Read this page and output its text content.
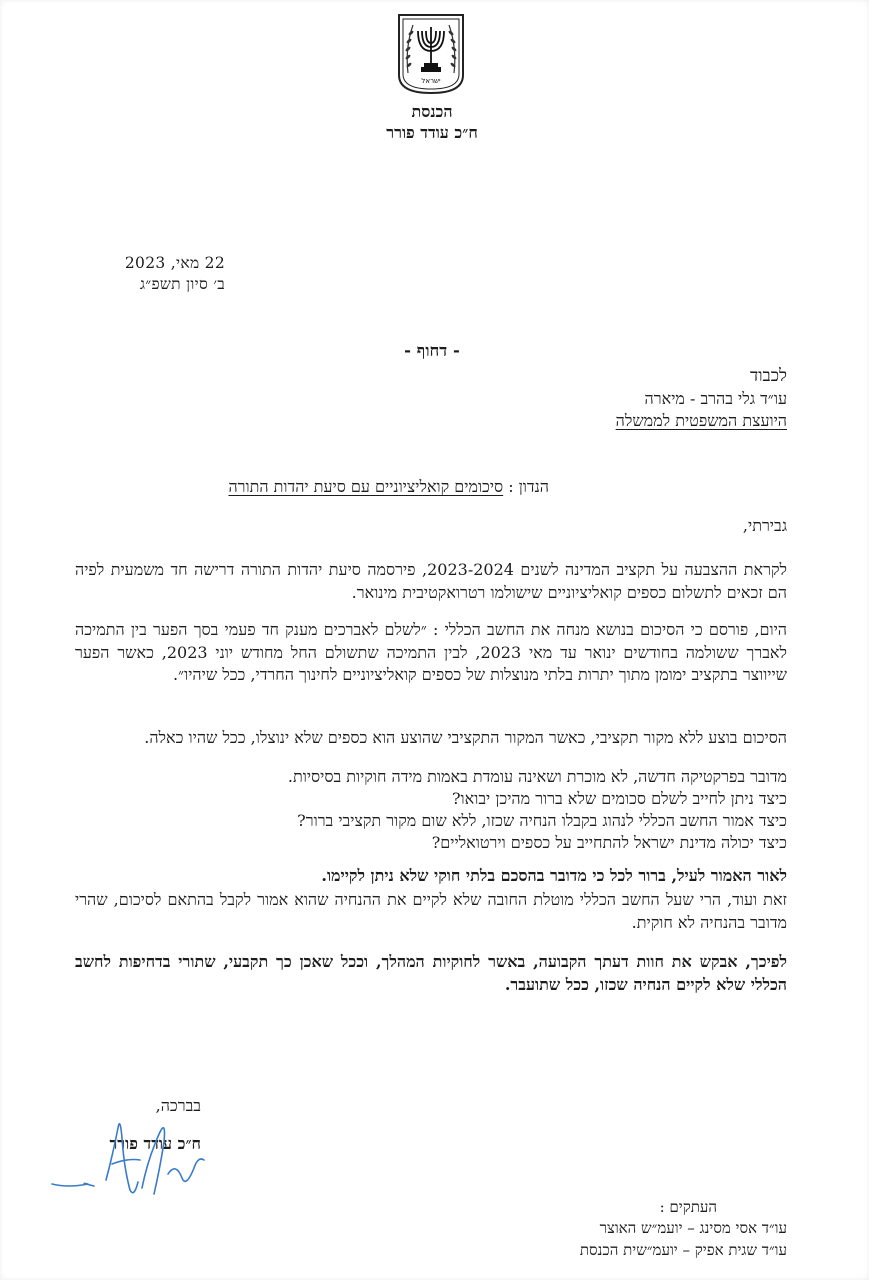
ישראל
הכנסת
ח״כ עודד פורר
22 מאי, 2023
ב׳ סיון תשפ״ג
- דחוף -
לכבוד
עו״ד גלי בהרב - מיארה
היועצת המשפטית לממשלה
הנדון : סיכומים קואליציוניים עם סיעת יהדות התורה
גבירתי,
לקראת ההצבעה על תקציב המדינה לשנים 2023-2024, פירסמה סיעת יהדות התורה דרישה חד משמעית לפיה הם זכאים לתשלום כספים קואליציוניים שישולמו רטרואקטיבית מינואר.
היום, פורסם כי הסיכום בנושא מנחה את החשב הכללי : ״לשלם לאברכים מענק חד פעמי בסך הפער בין התמיכה לאברך ששולמה בחודשים ינואר עד מאי 2023, לבין התמיכה שתשולם החל מחודש יוני 2023, כאשר הפער שייווצר בתקציב ימומן מתוך יתרות בלתי מנוצלות של כספים קואליציוניים לחינוך החרדי, ככל שיהיו״.
הסיכום בוצע ללא מקור תקציבי, כאשר המקור התקציבי שהוצע הוא כספים שלא ינוצלו, ככל שהיו כאלה.
מדובר בפרקטיקה חדשה, לא מוכרת ושאינה עומדת באמות מידה חוקיות בסיסיות.
כיצד ניתן לחייב לשלם סכומים שלא ברור מהיכן יבואו?
כיצד אמור החשב הכללי לנהוג בקבלו הנחיה שכזו, ללא שום מקור תקציבי ברור?
כיצד יכולה מדינת ישראל להתחייב על כספים וירטואליים?
לאור האמור לעיל, ברור לכל כי מדובר בהסכם בלתי חוקי שלא ניתן לקיימו.
זאת ועוד, הרי שעל החשב הכללי מוטלת החובה שלא לקיים את ההנחיה שהוא אמור לקבל בהתאם לסיכום, שהרי מדובר בהנחיה לא חוקית.
לפיכך, אבקש את חוות דעתך הקבועה, באשר לחוקיות המהלך, וככל שאכן כך תקבעי, שתורי בדחיפות לחשב הכללי שלא לקיים הנחיה שכזו, ככל שתועבר.
בברכה,
ח״כ עודד פורר
העתקים :
עו״ד אסי מסינג – יועמ״ש האוצר
עו״ד שגית אפיק – יועמ״שית הכנסת
